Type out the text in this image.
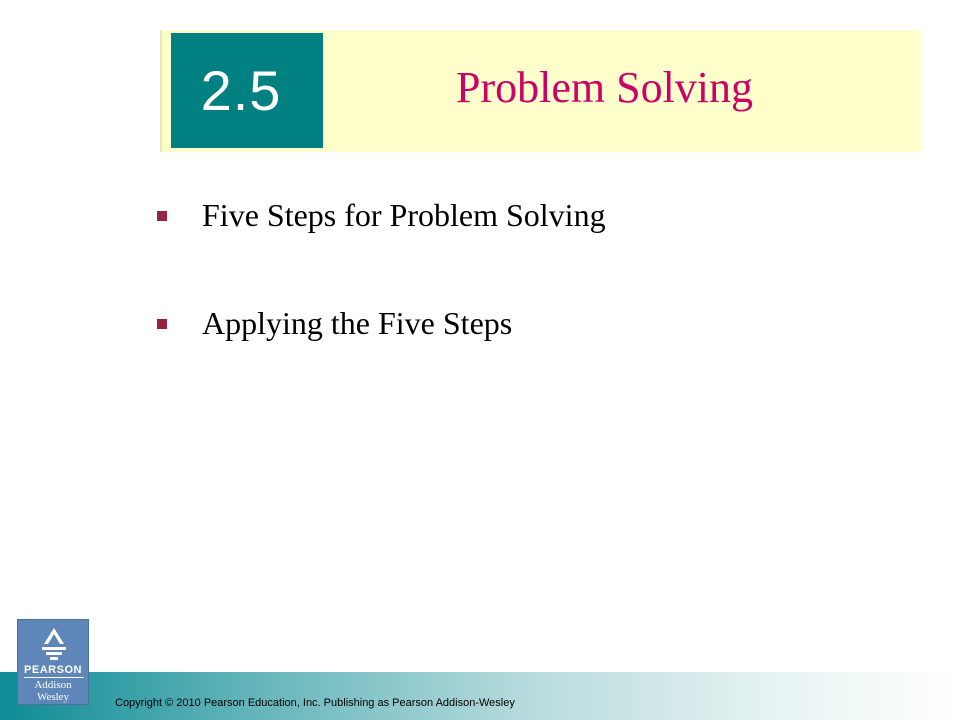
2.5	Problem Solving
Five Steps for Problem Solving
Applying the Five Steps
PEARSON
Addison
Wesley	Copyright © 2010 Pearson Education, Inc. Publishing as Pearson Addison-Wesley
